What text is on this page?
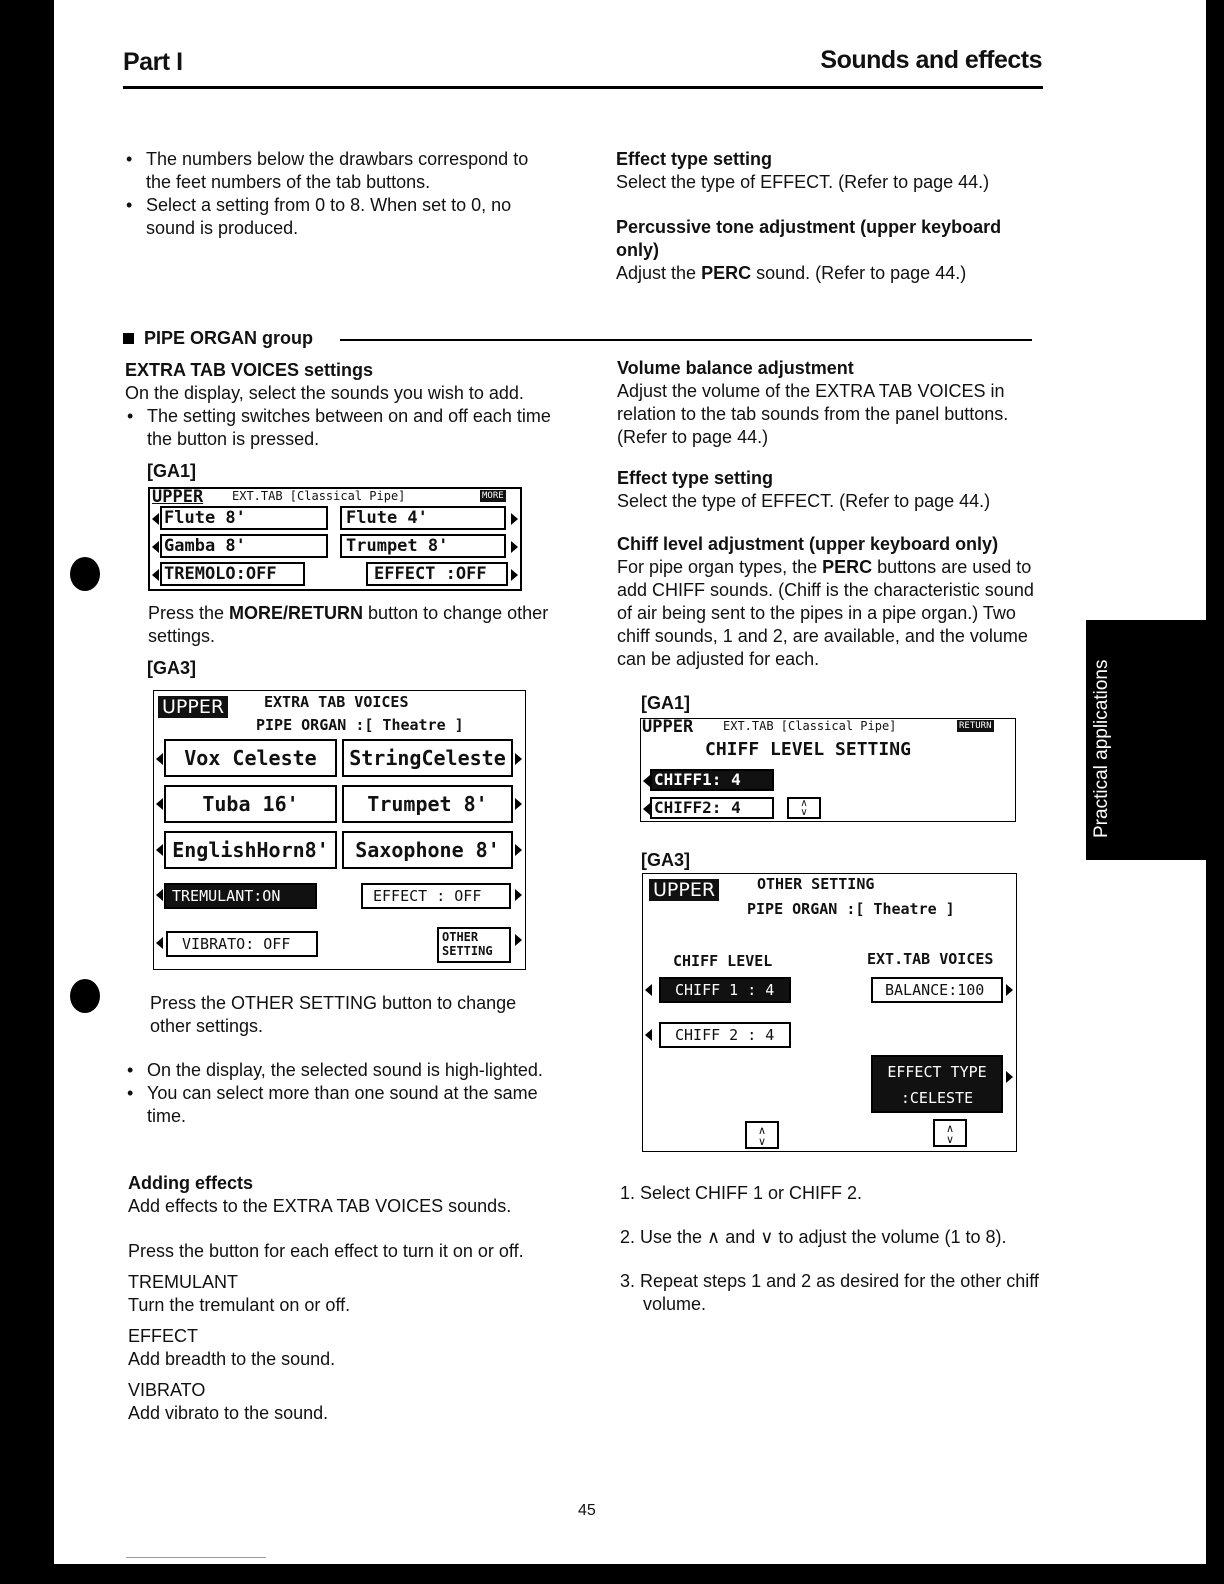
Part I	Sounds and effects
• The numbers below the drawbars correspond to the feet numbers of the tab buttons.
• Select a setting from 0 to 8. When set to 0, no sound is produced.

Effect type setting

Select the type of EFFECT. (Refer to page 44.)

Percussive tone adjustment (upper keyboard only)

Adjust the PERC sound. (Refer to page 44.)

PIPE ORGAN group

EXTRA TAB VOICES settings

On the display, select the sounds you wish to add.

• The setting switches between on and off each time the button is pressed.
[GA1]
UPPER EXT.TAB [Classical Pipe]	MORE
Flute 8'	Flute 4'
Gamba 8'	Trumpet 8'
TREMOLO:OFF	EFFECT :OFF

Press the MORE/RETURN button to change other settings.

[GA3]
UPPER	EXTRA TAB VOICES
PIPE ORGAN :[ Theatre ]
Vox Celeste	StringCeleste
Tuba 16'	Trumpet 8'
EnglishHorn8'	Saxophone 8'
TREMULANT:ON	EFFECT : OFF
VIBRATO: OFF	OTHER
SETTING
Press the OTHER SETTING button to change other settings.
• On the display, the selected sound is high-lighted.
• You can select more than one sound at the same time.

Adding effects

Add effects to the EXTRA TAB VOICES sounds.

Press the button for each effect to turn it on or off.

TREMULANT

Turn the tremulant on or off.

EFFECT

Add breadth to the sound.

VIBRATO

Add vibrato to the sound.

Volume balance adjustment

Adjust the volume of the EXTRA TAB VOICES in relation to the tab sounds from the panel buttons. (Refer to page 44.)

Effect type setting

Select the type of EFFECT. (Refer to page 44.)

Chiff level adjustment (upper keyboard only)

For pipe organ types, the PERC buttons are used to add CHIFF sounds. (Chiff is the characteristic sound of air being sent to the pipes in a pipe organ.) Two chiff sounds, 1 and 2, are available, and the volume can be adjusted for each.

[GA1]
UPPER EXT.TAB [Classical Pipe]	RETURN
CHIFF LEVEL SETTING
CHIFF1: 4
CHIFF2: 4	∧
∨
[GA3]
UPPER	OTHER SETTING
PIPE ORGAN :[ Theatre ]
CHIFF LEVEL	EXT.TAB VOICES
CHIFF 1 : 4	BALANCE:100
CHIFF 2 : 4
EFFECT TYPE
:CELESTE
∧
∨
∧
∨

1. Select CHIFF 1 or CHIFF 2.

2. Use the ∧ and ∨ to adjust the volume (1 to 8).

3. Repeat steps 1 and 2 as desired for the other chiff volume.

Practical applications
45
